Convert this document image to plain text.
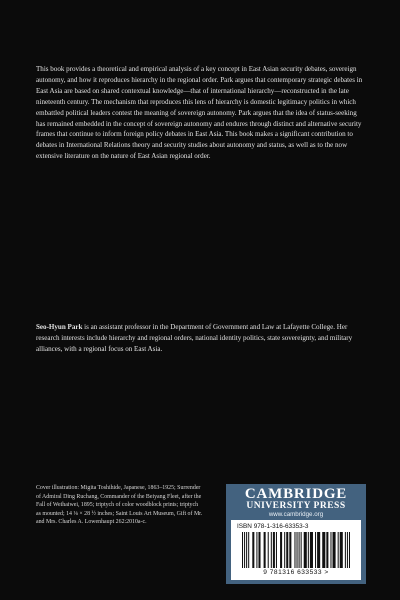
This book provides a theoretical and empirical analysis of a key concept in East Asian security debates, sovereign autonomy, and how it reproduces hierarchy in the regional order. Park argues that contemporary strategic debates in East Asia are based on shared contextual knowledge—that of international hierarchy—reconstructed in the late nineteenth century. The mechanism that reproduces this lens of hierarchy is domestic legitimacy politics in which embattled political leaders contest the meaning of sovereign autonomy. Park argues that the idea of status-seeking has remained embedded in the concept of sovereign autonomy and endures through distinct and alternative security frames that continue to inform foreign policy debates in East Asia. This book makes a significant contribution to debates in International Relations theory and security studies about autonomy and status, as well as to the now extensive literature on the nature of East Asian regional order.

Seo-Hyun Park is an assistant professor in the Department of Government and Law at Lafayette College. Her research interests include hierarchy and regional orders, national identity politics, state sovereignty, and military alliances, with a regional focus on East Asia.

Cover illustration: Migita Toshihide, Japanese, 1863–1925; Surrender of Admiral Ding Ruchang, Commander of the Beiyang Fleet, after the Fall of Weihaiwei, 1895; triptych of color woodblock prints; triptych as mounted; 14 ⅛ × 28 ½ inches; Saint Louis Art Museum, Gift of Mr. and Mrs. Charles A. Lowenhaupt 262:2010a-c.

CAMBRIDGE
UNIVERSITY PRESS
www.cambridge.org
ISBN 978-1-316-63353-3
9 781316 633533 >
